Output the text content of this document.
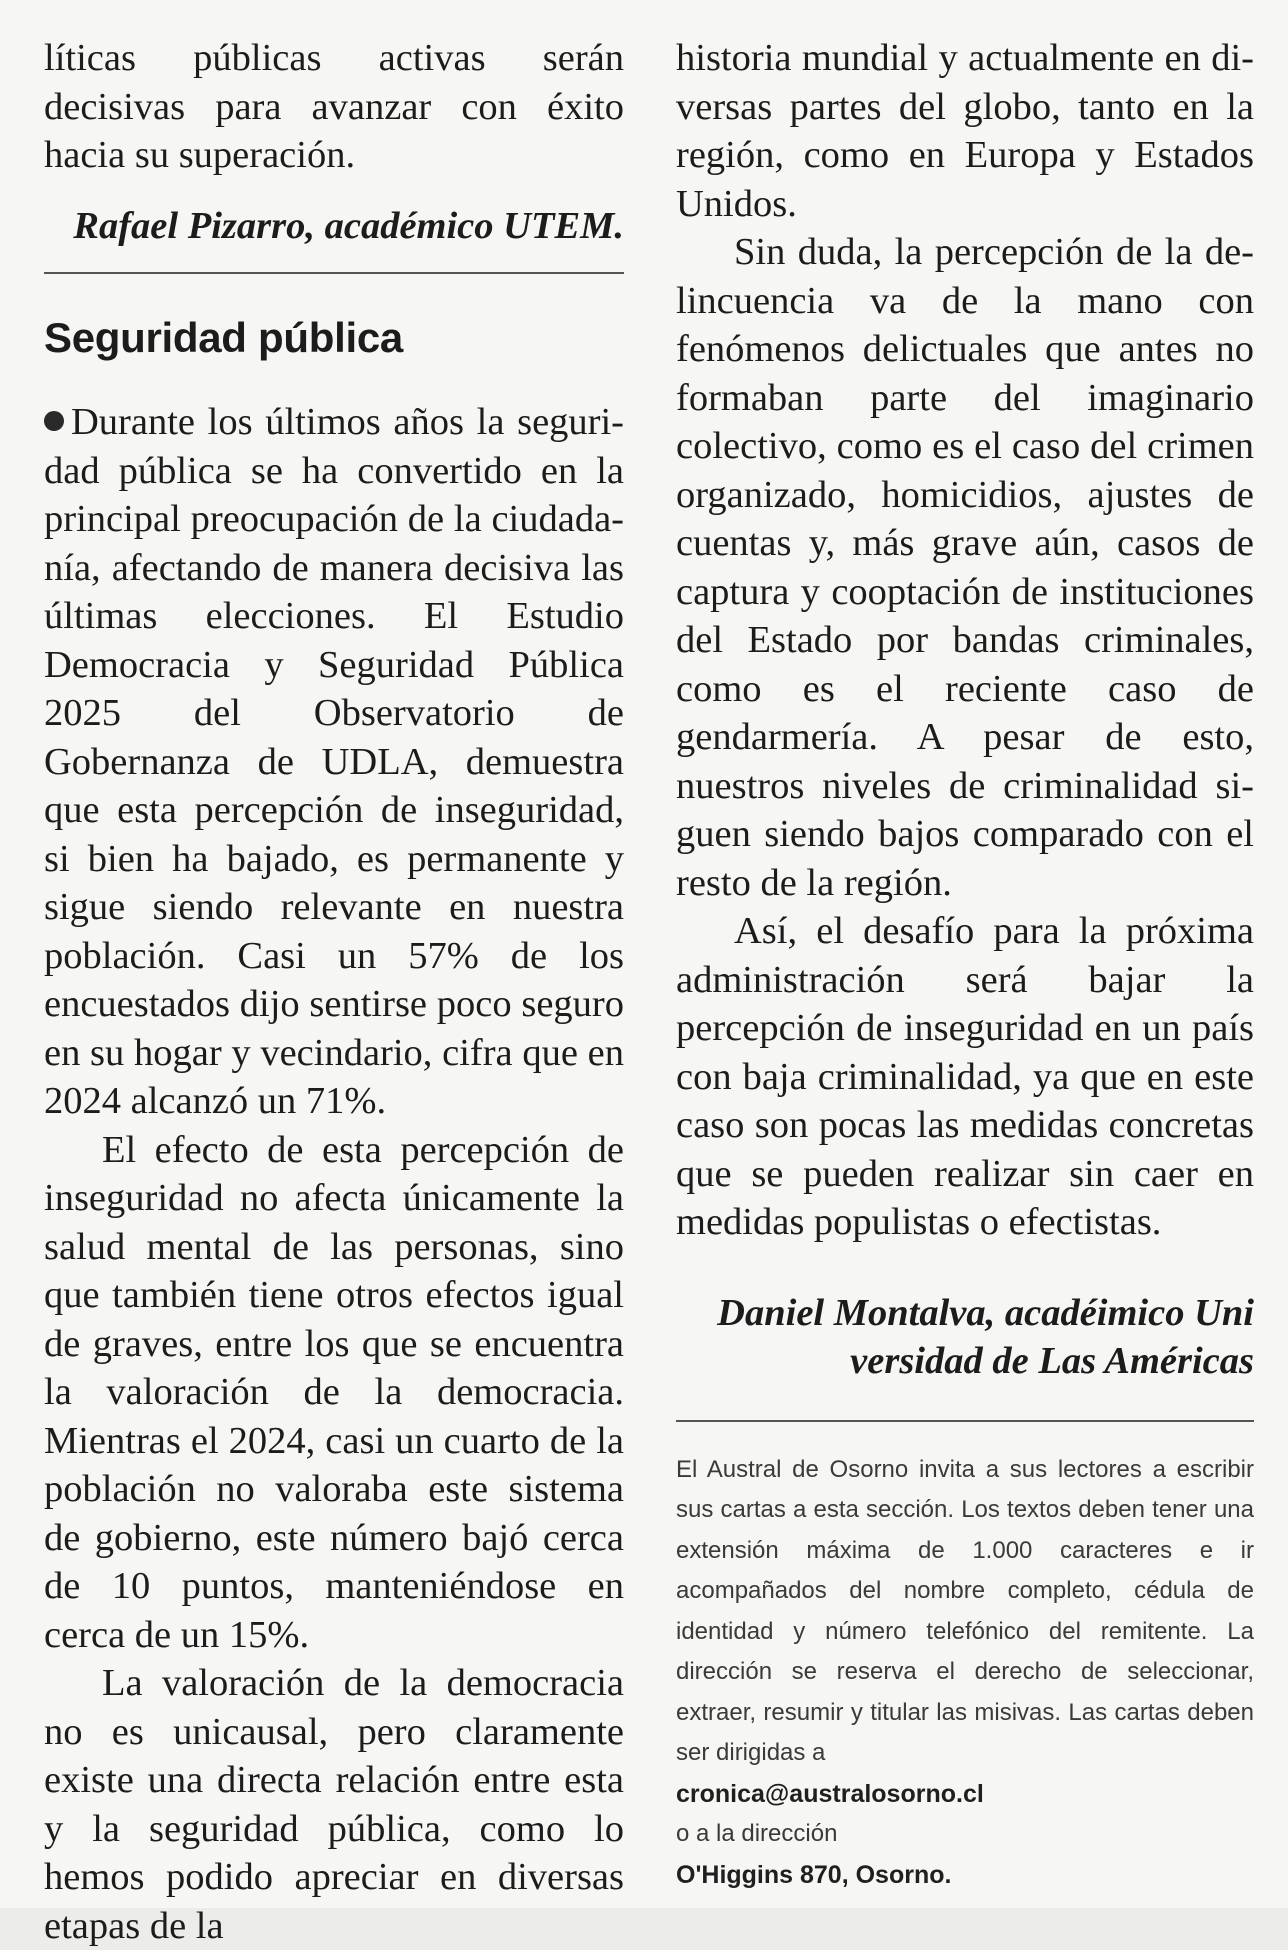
líticas públicas activas serán decisivas para avanzar con éxito hacia su superación.

Rafael Pizarro, académico UTEM.

Seguridad pública

Durante los últimos años la seguridad pública se ha convertido en la principal preocupación de la ciudadanía, afectando de manera decisiva las últimas elecciones. El Estudio Democracia y Seguridad Pública 2025 del Observatorio de Gobernanza de UDLA, demuestra que esta percepción de inseguridad, si bien ha bajado, es permanente y sigue siendo relevante en nuestra población. Casi un 57% de los encuestados dijo sentirse poco seguro en su hogar y vecindario, cifra que en 2024 alcanzó un 71%.

El efecto de esta percepción de inseguridad no afecta únicamente la salud mental de las personas, sino que también tiene otros efectos igual de graves, entre los que se encuentra la valoración de la democracia. Mientras el 2024, casi un cuarto de la población no valoraba este sistema de gobierno, este número bajó cerca de 10 puntos, manteniéndose en cerca de un 15%.

La valoración de la democracia no es unicausal, pero claramente existe una directa relación entre esta y la seguridad pública, como lo hemos podido apreciar en diversas etapas de la

historia mundial y actualmente en diversas partes del globo, tanto en la región, como en Europa y Estados Unidos.

Sin duda, la percepción de la delincuencia va de la mano con fenómenos delictuales que antes no formaban parte del imaginario colectivo, como es el caso del crimen organizado, homicidios, ajustes de cuentas y, más grave aún, casos de captura y cooptación de instituciones del Estado por bandas criminales, como es el reciente caso de gendarmería. A pesar de esto, nuestros niveles de criminalidad siguen siendo bajos comparado con el resto de la región.

Así, el desafío para la próxima administración será bajar la percepción de inseguridad en un país con baja criminalidad, ya que en este caso son pocas las medidas concretas que se pueden realizar sin caer en medidas populistas o efectistas.

Daniel Montalva, acadéimico Uni
versidad de Las Américas

El Austral de Osorno invita a sus lectores a escribir sus cartas a esta sección. Los textos deben tener una extensión máxima de 1.000 caracteres e ir acompañados del nombre completo, cédula de identidad y número telefónico del remitente. La dirección se reserva el derecho de seleccionar, extraer, resumir y titular las misivas. Las cartas deben ser dirigidas a

cronica@australosorno.cl

o a la dirección

O'Higgins 870, Osorno.
